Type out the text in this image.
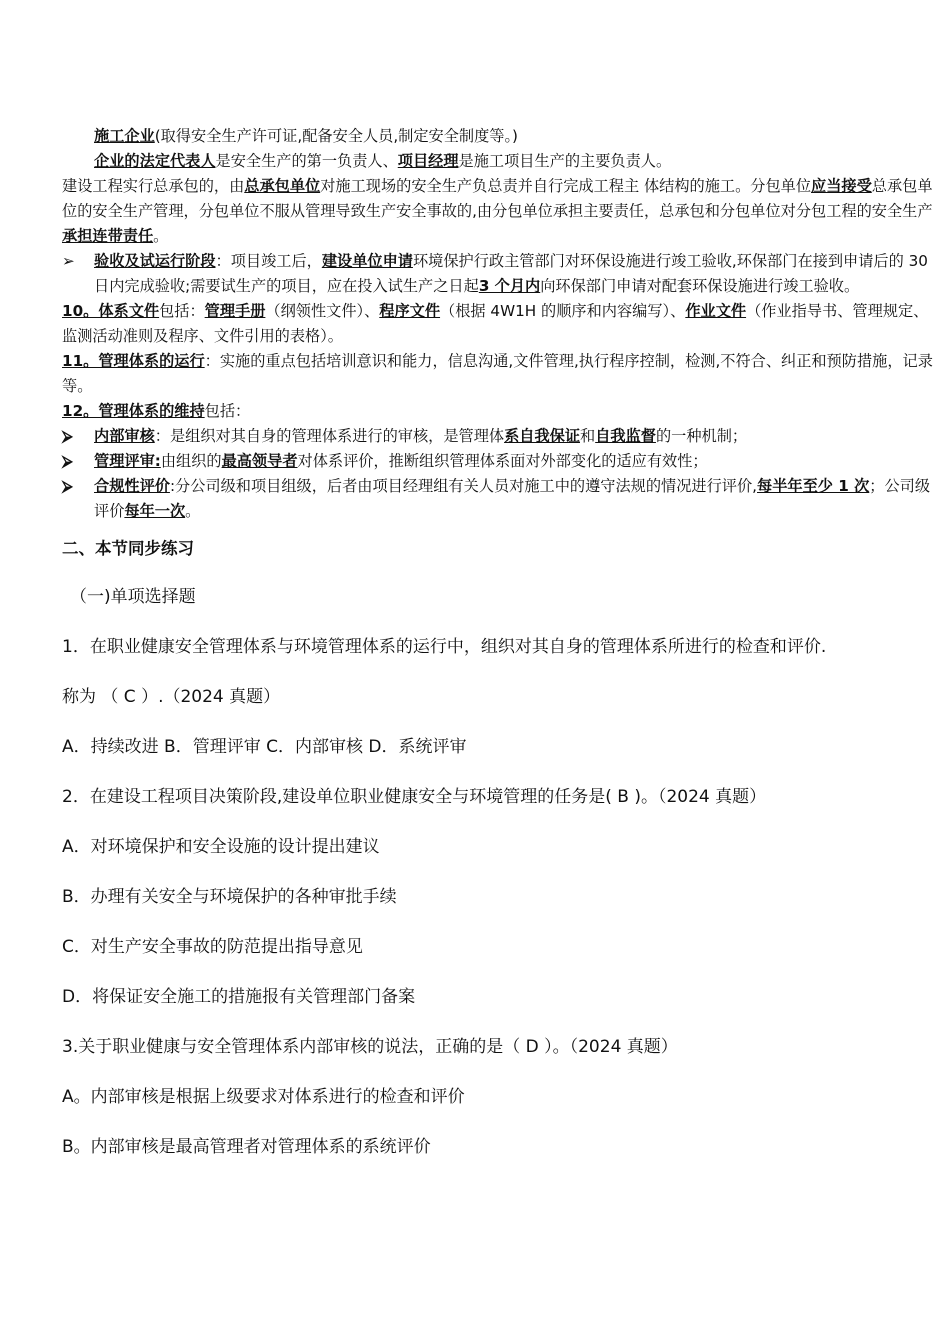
施工企业(取得安全生产许可证,配备安全人员,制定安全制度等。)

企业的法定代表人是安全生产的第一负责人、项目经理是施工项目生产的主要负责人。

建设工程实行总承包的，由总承包单位对施工现场的安全生产负总责并自行完成工程主 体结构的施工。分包单位应当接受总承包单位的安全生产管理，分包单位不服从管理导致生产安全事故的,由分包单位承担主要责任，总承包和分包单位对分包工程的安全生产承担连带责任。

➢	验收及试运行阶段：项目竣工后，建设单位申请环境保护行政主管部门对环保设施进行竣工验收,环保部门在接到申请后的 30 日内完成验收;需要试生产的项目，应在投入试生产之日起3 个月内向环保部门申请对配套环保设施进行竣工验收。

10。体系文件包括：管理手册（纲领性文件）、程序文件（根据 4W1H 的顺序和内容编写）、作业文件（作业指导书、管理规定、监测活动准则及程序、文件引用的表格）。

11。管理体系的运行：实施的重点包括培训意识和能力，信息沟通,文件管理,执行程序控制，检测,不符合、纠正和预防措施，记录等。

12。管理体系的维持包括：

⮚	内部审核：是组织对其自身的管理体系进行的审核，是管理体系自我保证和自我监督的一种机制；

⮚	管理评审:由组织的最高领导者对体系评价，推断组织管理体系面对外部变化的适应有效性；

⮚	合规性评价:分公司级和项目组级，后者由项目经理组有关人员对施工中的遵守法规的情况进行评价,每半年至少 1 次；公司级评价每年一次。

二、本节同步练习

（一)单项选择题

1．在职业健康安全管理体系与环境管理体系的运行中，组织对其自身的管理体系所进行的检查和评价.

称为 （ C ）.（2024 真题）

A．持续改进 B．管理评审 C．内部审核 D．系统评审

2．在建设工程项目决策阶段,建设单位职业健康安全与环境管理的任务是( B )。（2024 真题）

A．对环境保护和安全设施的设计提出建议

B．办理有关安全与环境保护的各种审批手续

C．对生产安全事故的防范提出指导意见

D．将保证安全施工的措施报有关管理部门备案

3.关于职业健康与安全管理体系内部审核的说法，正确的是（ D ）。（2024 真题）

A。内部审核是根据上级要求对体系进行的检查和评价

B。内部审核是最高管理者对管理体系的系统评价
